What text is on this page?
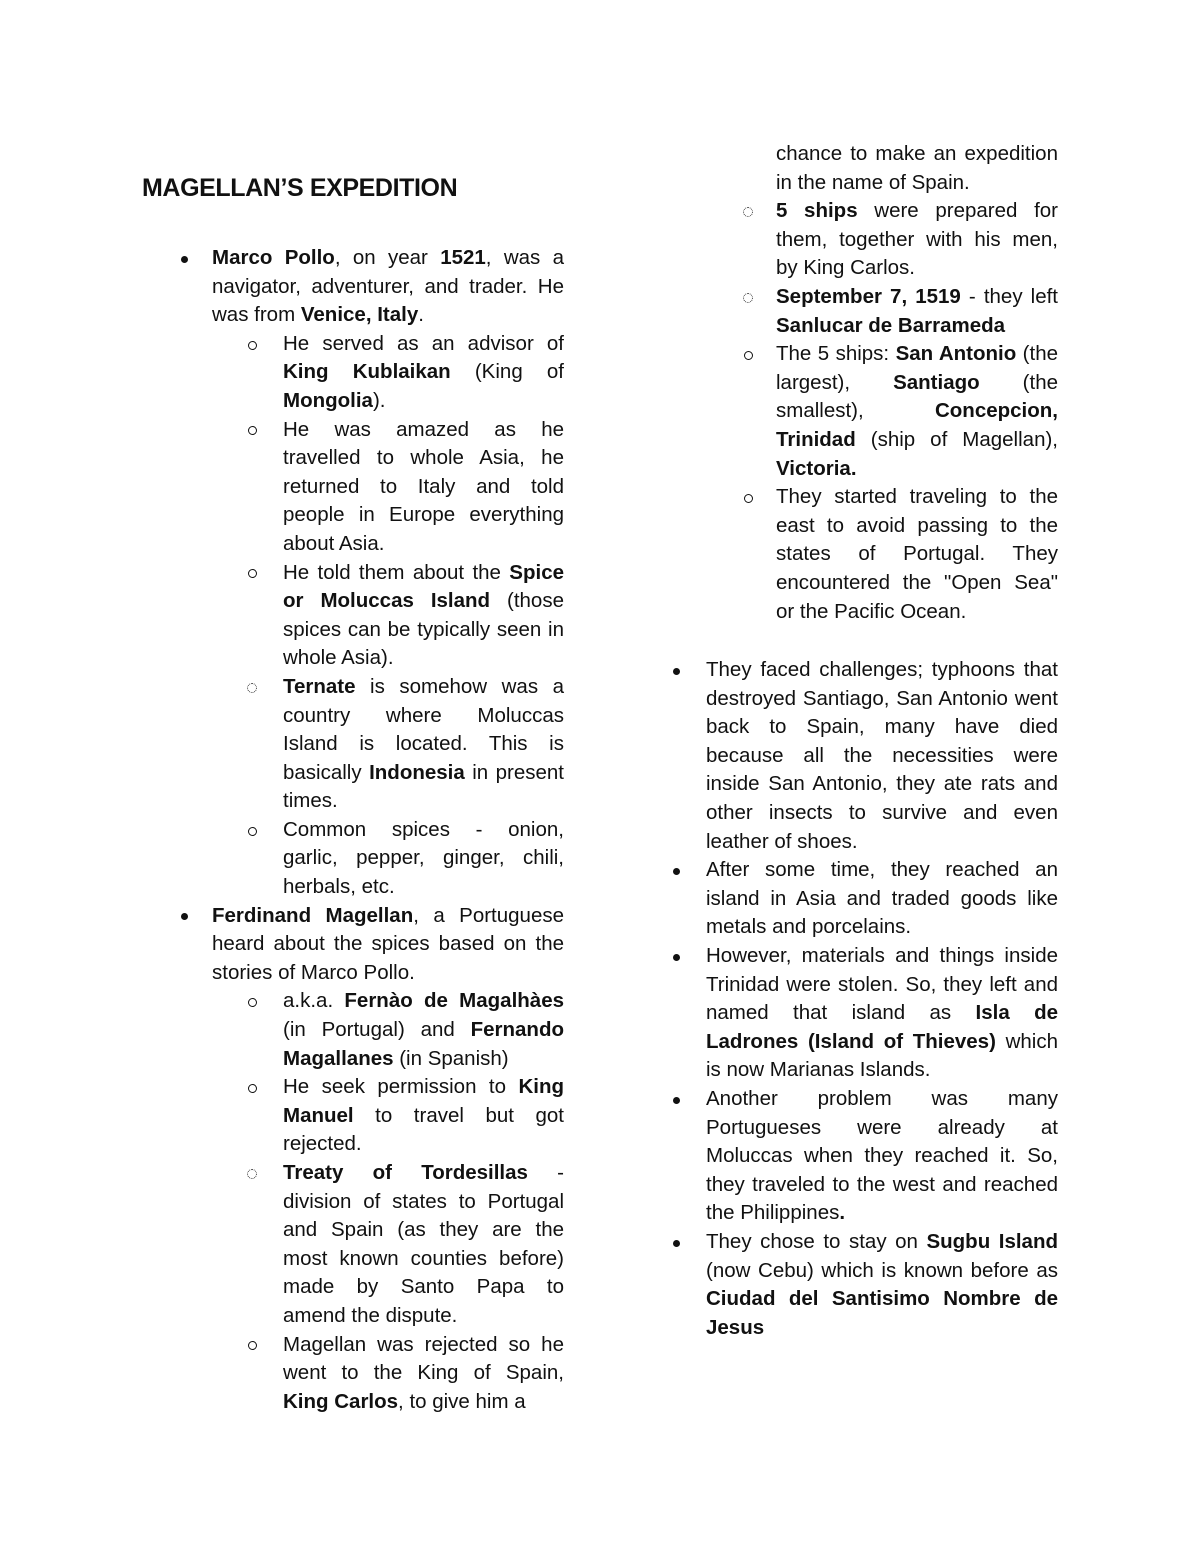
MAGELLAN’S EXPEDITION
Marco Pollo, on year 1521, was a navigator, adventurer, and trader. He was from Venice, Italy.
He served as an advisor of King Kublaikan (King of Mongolia).
He was amazed as he travelled to whole Asia, he returned to Italy and told people in Europe everything about Asia.
He told them about the Spice or Moluccas Island (those spices can be typically seen in whole Asia).
Ternate is somehow was a country where Moluccas Island is located. This is basically Indonesia in present times.
Common spices - onion, garlic, pepper, ginger, chili, herbals, etc.
Ferdinand Magellan, a Portuguese heard about the spices based on the stories of Marco Pollo.
a.k.a. Fernào de Magalhàes (in Portugal) and Fernando Magallanes (in Spanish)
He seek permission to King Manuel to travel but got rejected.
Treaty of Tordesillas - division of states to Portugal and Spain (as they are the most known counties before) made by Santo Papa to amend the dispute.
Magellan was rejected so he went to the King of Spain, King Carlos, to give him a
chance to make an expedition in the name of Spain.
5 ships were prepared for them, together with his men, by King Carlos.
September 7, 1519 - they left Sanlucar de Barrameda
The 5 ships: San Antonio (the largest), Santiago (the smallest), Concepcion, Trinidad (ship of Magellan), Victoria.
They started traveling to the east to avoid passing to the states of Portugal. They encountered the "Open Sea" or the Pacific Ocean.
They faced challenges; typhoons that destroyed Santiago, San Antonio went back to Spain, many have died because all the necessities were inside San Antonio, they ate rats and other insects to survive and even leather of shoes.
After some time, they reached an island in Asia and traded goods like metals and porcelains.
However, materials and things inside Trinidad were stolen. So, they left and named that island as Isla de Ladrones (Island of Thieves) which is now Marianas Islands.
Another problem was many Portugueses were already at Moluccas when they reached it. So, they traveled to the west and reached the Philippines.
They chose to stay on Sugbu Island (now Cebu) which is known before as Ciudad del Santisimo Nombre de Jesus
